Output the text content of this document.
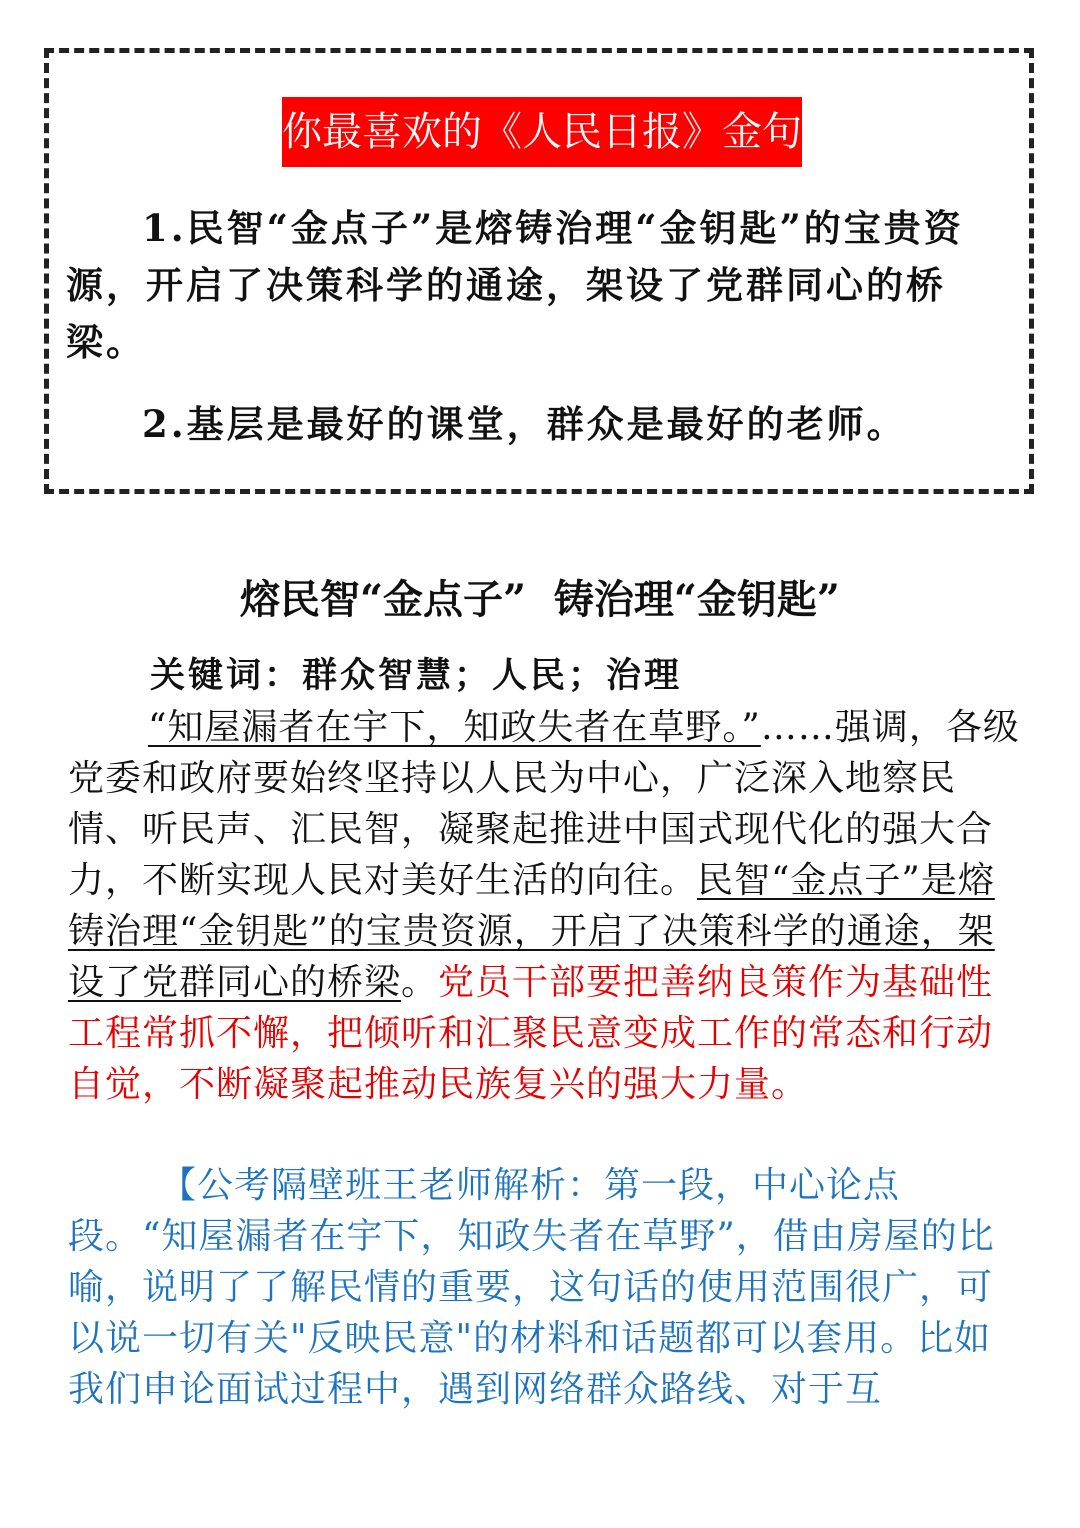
你最喜欢的《人民日报》金句

1.民智“金点子”是熔铸治理“金钥匙”的宝贵资源，开启了决策科学的通途，架设了党群同心的桥梁。

2.基层是最好的课堂，群众是最好的老师。

熔民智“金点子”  铸治理“金钥匙”
关键词：群众智慧；人民；治理

“知屋漏者在宇下，知政失者在草野。”……强调，各级党委和政府要始终坚持以人民为中心，广泛深入地察民情、听民声、汇民智，凝聚起推进中国式现代化的强大合力，不断实现人民对美好生活的向往。民智“金点子”是熔铸治理“金钥匙”的宝贵资源，开启了决策科学的通途，架设了党群同心的桥梁。党员干部要把善纳良策作为基础性工程常抓不懈，把倾听和汇聚民意变成工作的常态和行动自觉，不断凝聚起推动民族复兴的强大力量。

【公考隔壁班王老师解析：第一段，中心论点段。“知屋漏者在宇下，知政失者在草野”，借由房屋的比喻，说明了了解民情的重要，这句话的使用范围很广，可以说一切有关"反映民意"的材料和话题都可以套用。比如我们申论面试过程中，遇到网络群众路线、对于互
